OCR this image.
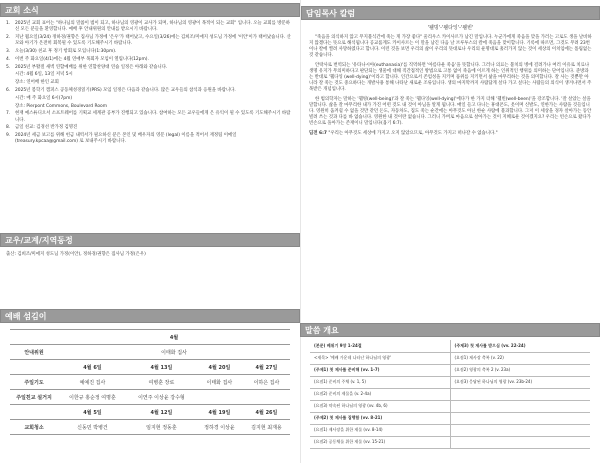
교회 소식
1.	2025년 교회 표어는 "하나님의 말씀이 범이 되고, 하나님의 영광이 교사가 되며, 하나님의 영광이 목적이 되는 교회" 입니다. 오늘 교회를 방문하신 모든 분들을 환영합니다. 예배 후 안내위원의 안내를 받으시기 바랍니다.
2.	지난 월요일(3/24) 정하경/권향은 집사님 가정에 '은우'가 태어났고, 수요일(3/26)에는 김희조/미애지 성도님 가정에 '이안'이가 태어났습니다. 산모와 아기가 온전히 회복될 수 있도록 기도해주시기 바랍니다.
3.	오늘(3/30) 친교 후 정기 항회로 모입니다(1:30pm).
4.	이번 주 화요일(4/1)에는 4월 연애부 목회자 모임이 열립니다(12pm).
5.	2025년 부활절 새벽 연합예배를 위한 연합찬양대 연습 일정은 아래와 같습니다.
시간: 4월 6일, 13일 저녁 5시
장소: 연어배 한인 교회
6.	2025년 봄학기 캠퍼스 공동체성경읽기(PRS) 모임 일정은 다음과 같습니다. 많은 교우들의 참석과 응원을 바랍니다.
시간: 매 주 화요일 6시(7pm)
장소: Pierpont Commons, Boulevard Room
7.	현재 예스튜디오서 소프트웨어를 기획교 세계관 공부가 진행되고 있습니다. 참여하는 모든 교우들에게 은 유익이 될 수 있도록 기도해주시기 바랍니다.
8.	금일 친교: 김경선 반가정 김명진
9.	2024년 세금 보고를 위해 헌금 내역서가 필요하신 분은 본인 및 배우자의 영문 (legal) 이름을 적어서 재정팀 이메일 (treasury.kpcaa@gmail.com) 로 보내주시기 바랍니다.
교우/교계/지역동정
출산: 김희조/미애지 성도님 가정(이안), 정하경/권향은 집사님 가정(은우)
예배 섬김이
	4월			
안내위원	이태화 집사			
	4월 6일	4월 13일	4월 20일	4월 27일
주일기도	예예진 집사	여병훈 장로	이태화 집사	이하은 집사
주일친교 설거지	이한규 홍순정 여명훈	이연주 이상윤 강수형		
	4월 5일	4월 12일	4월 19일	4월 26일
교회청소	신동민 박병건	임지현 정동훈	정하경 이상윤	김지현 최재용
담임목사 칼럼
'웰빙'-'웰다잉'-'웰빈'

"죽음을 의식하지 않고 무지불식간에 죽는 게 가장 좋다" 울리우스 카이사르가 남긴 말입니다. 누군가에게 죽음을 맞을 가러는 고로도 생을 날비하지 않겠다는 뜻으로 해석됩니다 공교롭게도 카이사르는 이 말을 남긴 다음 날 브루투스의 칼에 죽음을 맞이합니다. 기록에 따르면, 그것도 무려 23번이나 칼에 찔려 사망하였다고 합니다. 이런 것을 보면 우리의 삶이 우리의 뜻대로나 우리의 운명대로 흘러가지 않는 것이 세상의 이치임에는 틀림없는 것 같습니다.

안락사로 번역되는 '유타나시아(euthanasia)'를 직역하면 '아름다운 죽음'을 뜻합니다. 그러나 의료는 불치의 병에 걸려가나 여러 이유로 치료나 생명 유지가 무의미하다고 판단되는 생물에 대해 직간접적인 방법으로 고통 없이 죽음에 이르게 하는 인위적인 행위를 의미하는 단어입니다. 준방과는 반대로 '웰다잉 (well-dying)'이라고 합니다. 인간으로서 존엄성을 지키며 품위를 지키면서 삶을 마무리하는 것을 의미합니다. 잘 사는 것뿐만 아니라 잘 죽는 것도 중요하다는 개발사용 통해 나타난 새로운 조류입니다. 생의 마지막까지 사람답게 살다 가고 싶다는 사람들의 의식이 생겨나면서 주목받은 개념입니다.

한 범의학자는 말하는 '웰빙(well-being)'과 잘 죽는 '웰다잉(well-dying)'에다가 한 가지 더해 '웰빈(well-been)'을 강조합니다. '잘 살았는 살을 말합니다. 삶을 잘 마무리한 내가 가진 어떤 것도 내 것이 아님을 알게 됩니다. 매일 들고 다니는 휴대폰도, 옷이며 신발도, 연한가는 사람을 것들입니다. 영원히 움켜쥘 수 없을 것만 같던 돈도, 자동차도, 집도 죽는 순간에는 아무것도 아닌 한순 사람에 불과합니다. 그저 이 세상을 경자 살아가는 동안 빌려 쓰는 것과 다를 바 없습니다. 영원한 내 것이란 없습니다. 그러니 가버로 마음으로 살아가는 것이 지혜로운 것이겠지요? 우리는 빈손으로 왔다가 빈손으로 돌아가는 존재이니 말입니다(욥기 6:7).

딤전 6:7 "우리는 아무것도 세상에 가지고 오지 않았으므로, 아무것도 가지고 떠나갈 수 없습니다."

말씀 개요
(본문) 베위기 9장 1-24절	(주제3) 첫 제사를 받으심 (vv. 22-24)
<제목> '예배 가운데 나타난 하나님의 영광'	(요점1) 제사장 축복 (v. 22)
(주제1) 첫 제사를 준비해 (vv. 1-7)	(요점2) 영광의 축복 2 (v. 23a)
(요점1) 준비의 주체 (v. 1, 5)	(요점3) 응답된 하나님의 영광 (vv. 23b-24)
(요점2) 준비의 제물을 (v. 2-4a)	
(요점3) 약속된 하나님의 영광 (vv. 4b, 6)	
(주제2) 첫 제사를 집행함 (vv. 8-21)	
(요점1) 제사장을 위한 제물 (vv. 8-14)	
(요점2) 공동체를 위한 제물 (vv. 15-21)	
